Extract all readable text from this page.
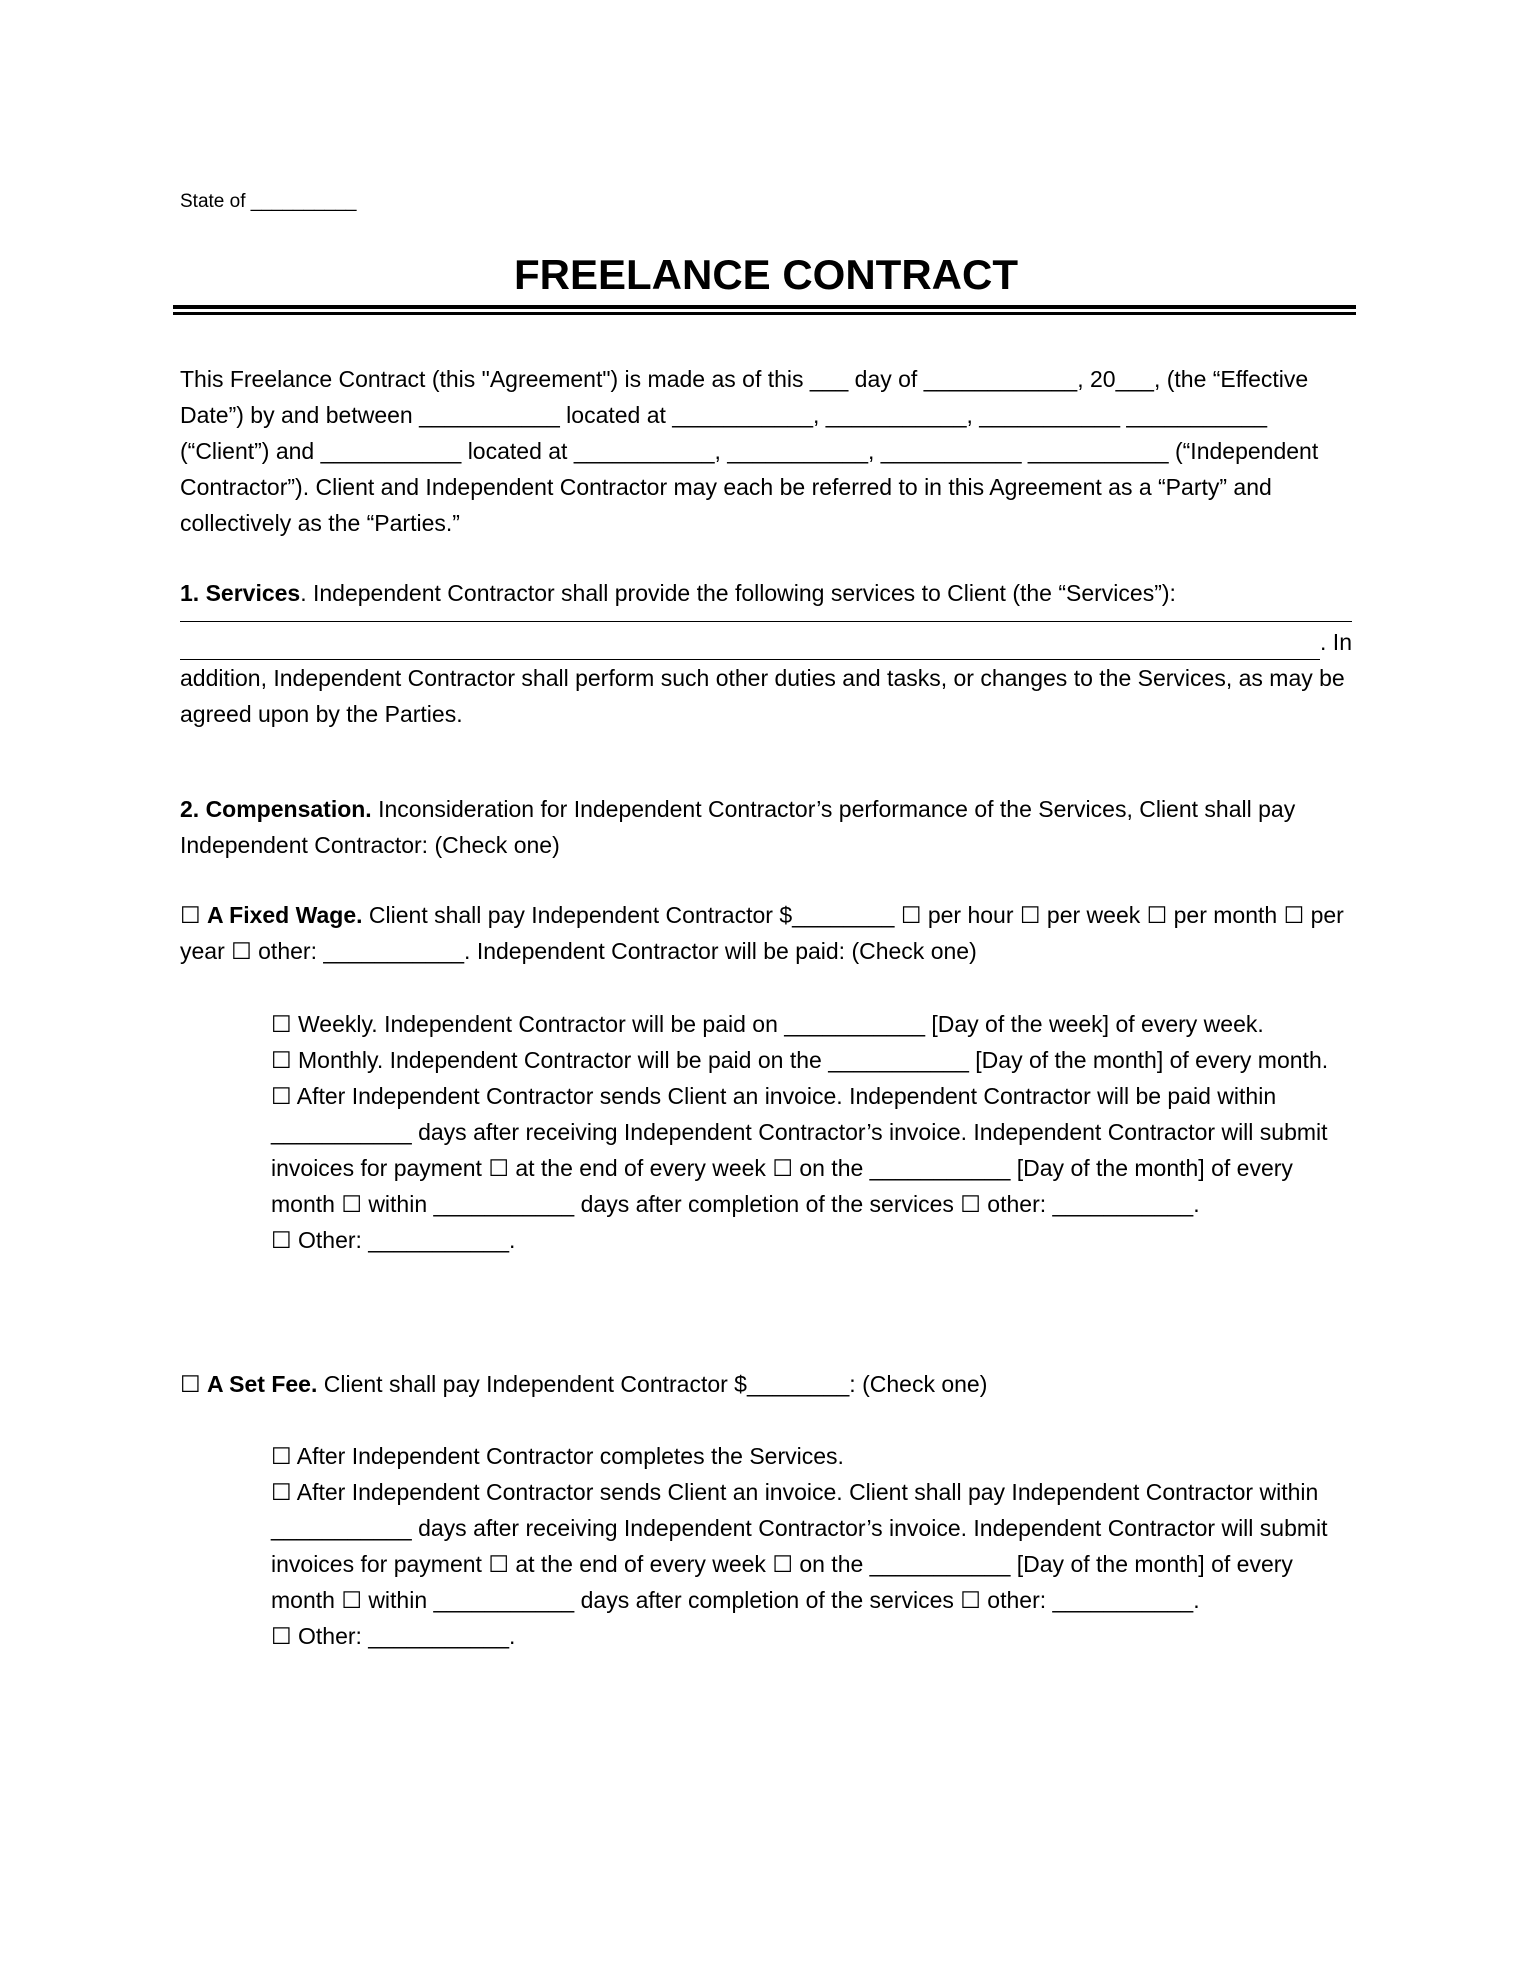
State of __________
FREELANCE CONTRACT
This Freelance Contract (this "Agreement") is made as of this ___ day of ____________, 20___, (the “Effective Date”) by and between ___________ located at ___________, ___________, ___________ ___________ (“Client”) and ___________ located at ___________, ___________, ___________ ___________ (“Independent Contractor”). Client and Independent Contractor may each be referred to in this Agreement as a “Party” and collectively as the “Parties.”
1. Services. Independent Contractor shall provide the following services to Client (the “Services”):
. In
addition, Independent Contractor shall perform such other duties and tasks, or changes to the Services, as may be agreed upon by the Parties.
2. Compensation. Inconsideration for Independent Contractor’s performance of the Services, Client shall pay Independent Contractor: (Check one)
☐ A Fixed Wage. Client shall pay Independent Contractor $________ ☐ per hour ☐ per week ☐ per month ☐ per year ☐ other: ___________. Independent Contractor will be paid: (Check one)
☐ Weekly. Independent Contractor will be paid on ___________ [Day of the week] of every week.
☐ Monthly. Independent Contractor will be paid on the ___________ [Day of the month] of every month.
☐ After Independent Contractor sends Client an invoice. Independent Contractor will be paid within ___________ days after receiving Independent Contractor’s invoice. Independent Contractor will submit invoices for payment ☐ at the end of every week ☐ on the ___________ [Day of the month] of every month ☐ within ___________ days after completion of the services ☐ other: ___________.
☐ Other: ___________.
☐ A Set Fee. Client shall pay Independent Contractor $________: (Check one)
☐ After Independent Contractor completes the Services.
☐ After Independent Contractor sends Client an invoice. Client shall pay Independent Contractor within ___________ days after receiving Independent Contractor’s invoice. Independent Contractor will submit invoices for payment ☐ at the end of every week ☐ on the ___________ [Day of the month] of every month ☐ within ___________ days after completion of the services ☐ other: ___________.
☐ Other: ___________.
